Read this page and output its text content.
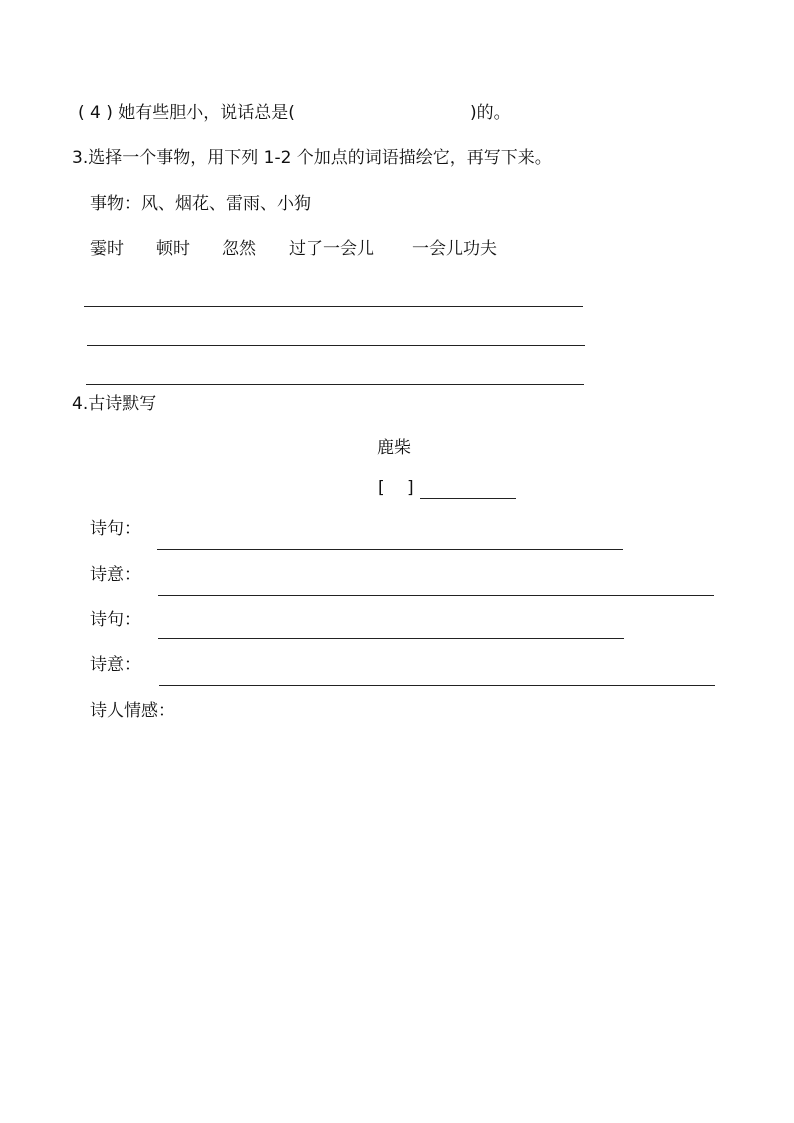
( 4 ) 她有些胆小，说话总是(	)的。
3.选择一个事物，用下列 1-2 个加点的词语描绘它，再写下来。
事物：风、烟花、雷雨、小狗
霎时 顿时 忽然 过了一会儿 一会儿功夫
4.古诗默写
鹿柴
[　 ]
诗句：
诗意：
诗句：
诗意：
诗人情感：
